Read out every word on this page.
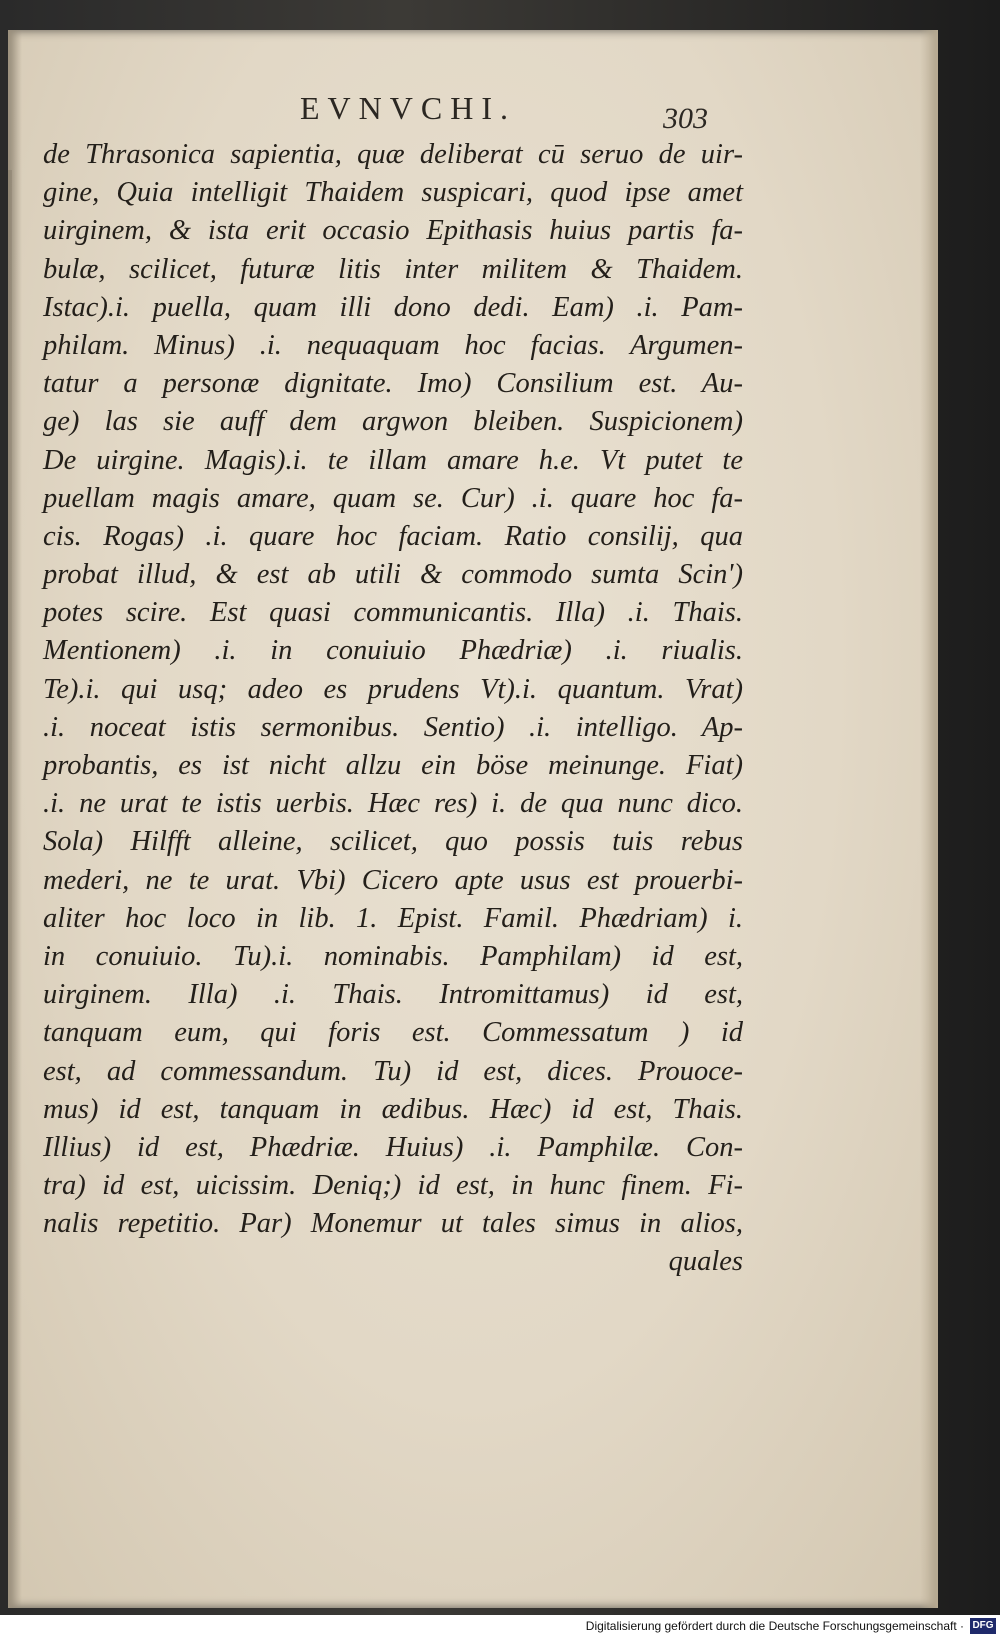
EVNVCHI.	303
de Thrasonica sapientia, quæ deliberat cū seruo de uir-
gine, Quia intelligit Thaidem suspicari, quod ipse amet
uirginem, & ista erit occasio Epithasis huius partis fa-
bulæ, scilicet, futuræ litis inter militem & Thaidem.
Istac).i. puella, quam illi dono dedi. Eam) .i. Pam-
philam. Minus) .i. nequaquam hoc facias. Argumen-
tatur a personæ dignitate. Imo) Consilium est. Au-
ge) las sie auff dem argwon bleiben. Suspicionem)
De uirgine. Magis).i. te illam amare h.e. Vt putet te
puellam magis amare, quam se. Cur) .i. quare hoc fa-
cis. Rogas) .i. quare hoc faciam. Ratio consilij, qua
probat illud, & est ab utili & commodo sumta Scin')
potes scire. Est quasi communicantis. Illa) .i. Thais.
Mentionem) .i. in conuiuio Phædriæ) .i. riualis.
Te).i. qui usq; adeo es prudens Vt).i. quantum. Vrat)
.i. noceat istis sermonibus. Sentio) .i. intelligo. Ap-
probantis, es ist nicht allzu ein böse meinunge. Fiat)
.i. ne urat te istis uerbis. Hæc res) i. de qua nunc dico.
Sola) Hilfft alleine, scilicet, quo possis tuis rebus
mederi, ne te urat. Vbi) Cicero apte usus est prouerbi-
aliter hoc loco in lib. 1. Epist. Famil. Phædriam) i.
in conuiuio. Tu).i. nominabis. Pamphilam) id est,
uirginem. Illa) .i. Thais. Intromittamus) id est,
tanquam eum, qui foris est. Commessatum ) id
est, ad commessandum. Tu) id est, dices. Prouoce-
mus) id est, tanquam in ædibus. Hæc) id est, Thais.
Illius) id est, Phædriæ. Huius) .i. Pamphilæ. Con-
tra) id est, uicissim. Deniq;) id est, in hunc finem. Fi-
nalis repetitio. Par) Monemur ut tales simus in alios,
quales
Digitalisierung gefördert durch die Deutsche Forschungsgemeinschaft · DFG
